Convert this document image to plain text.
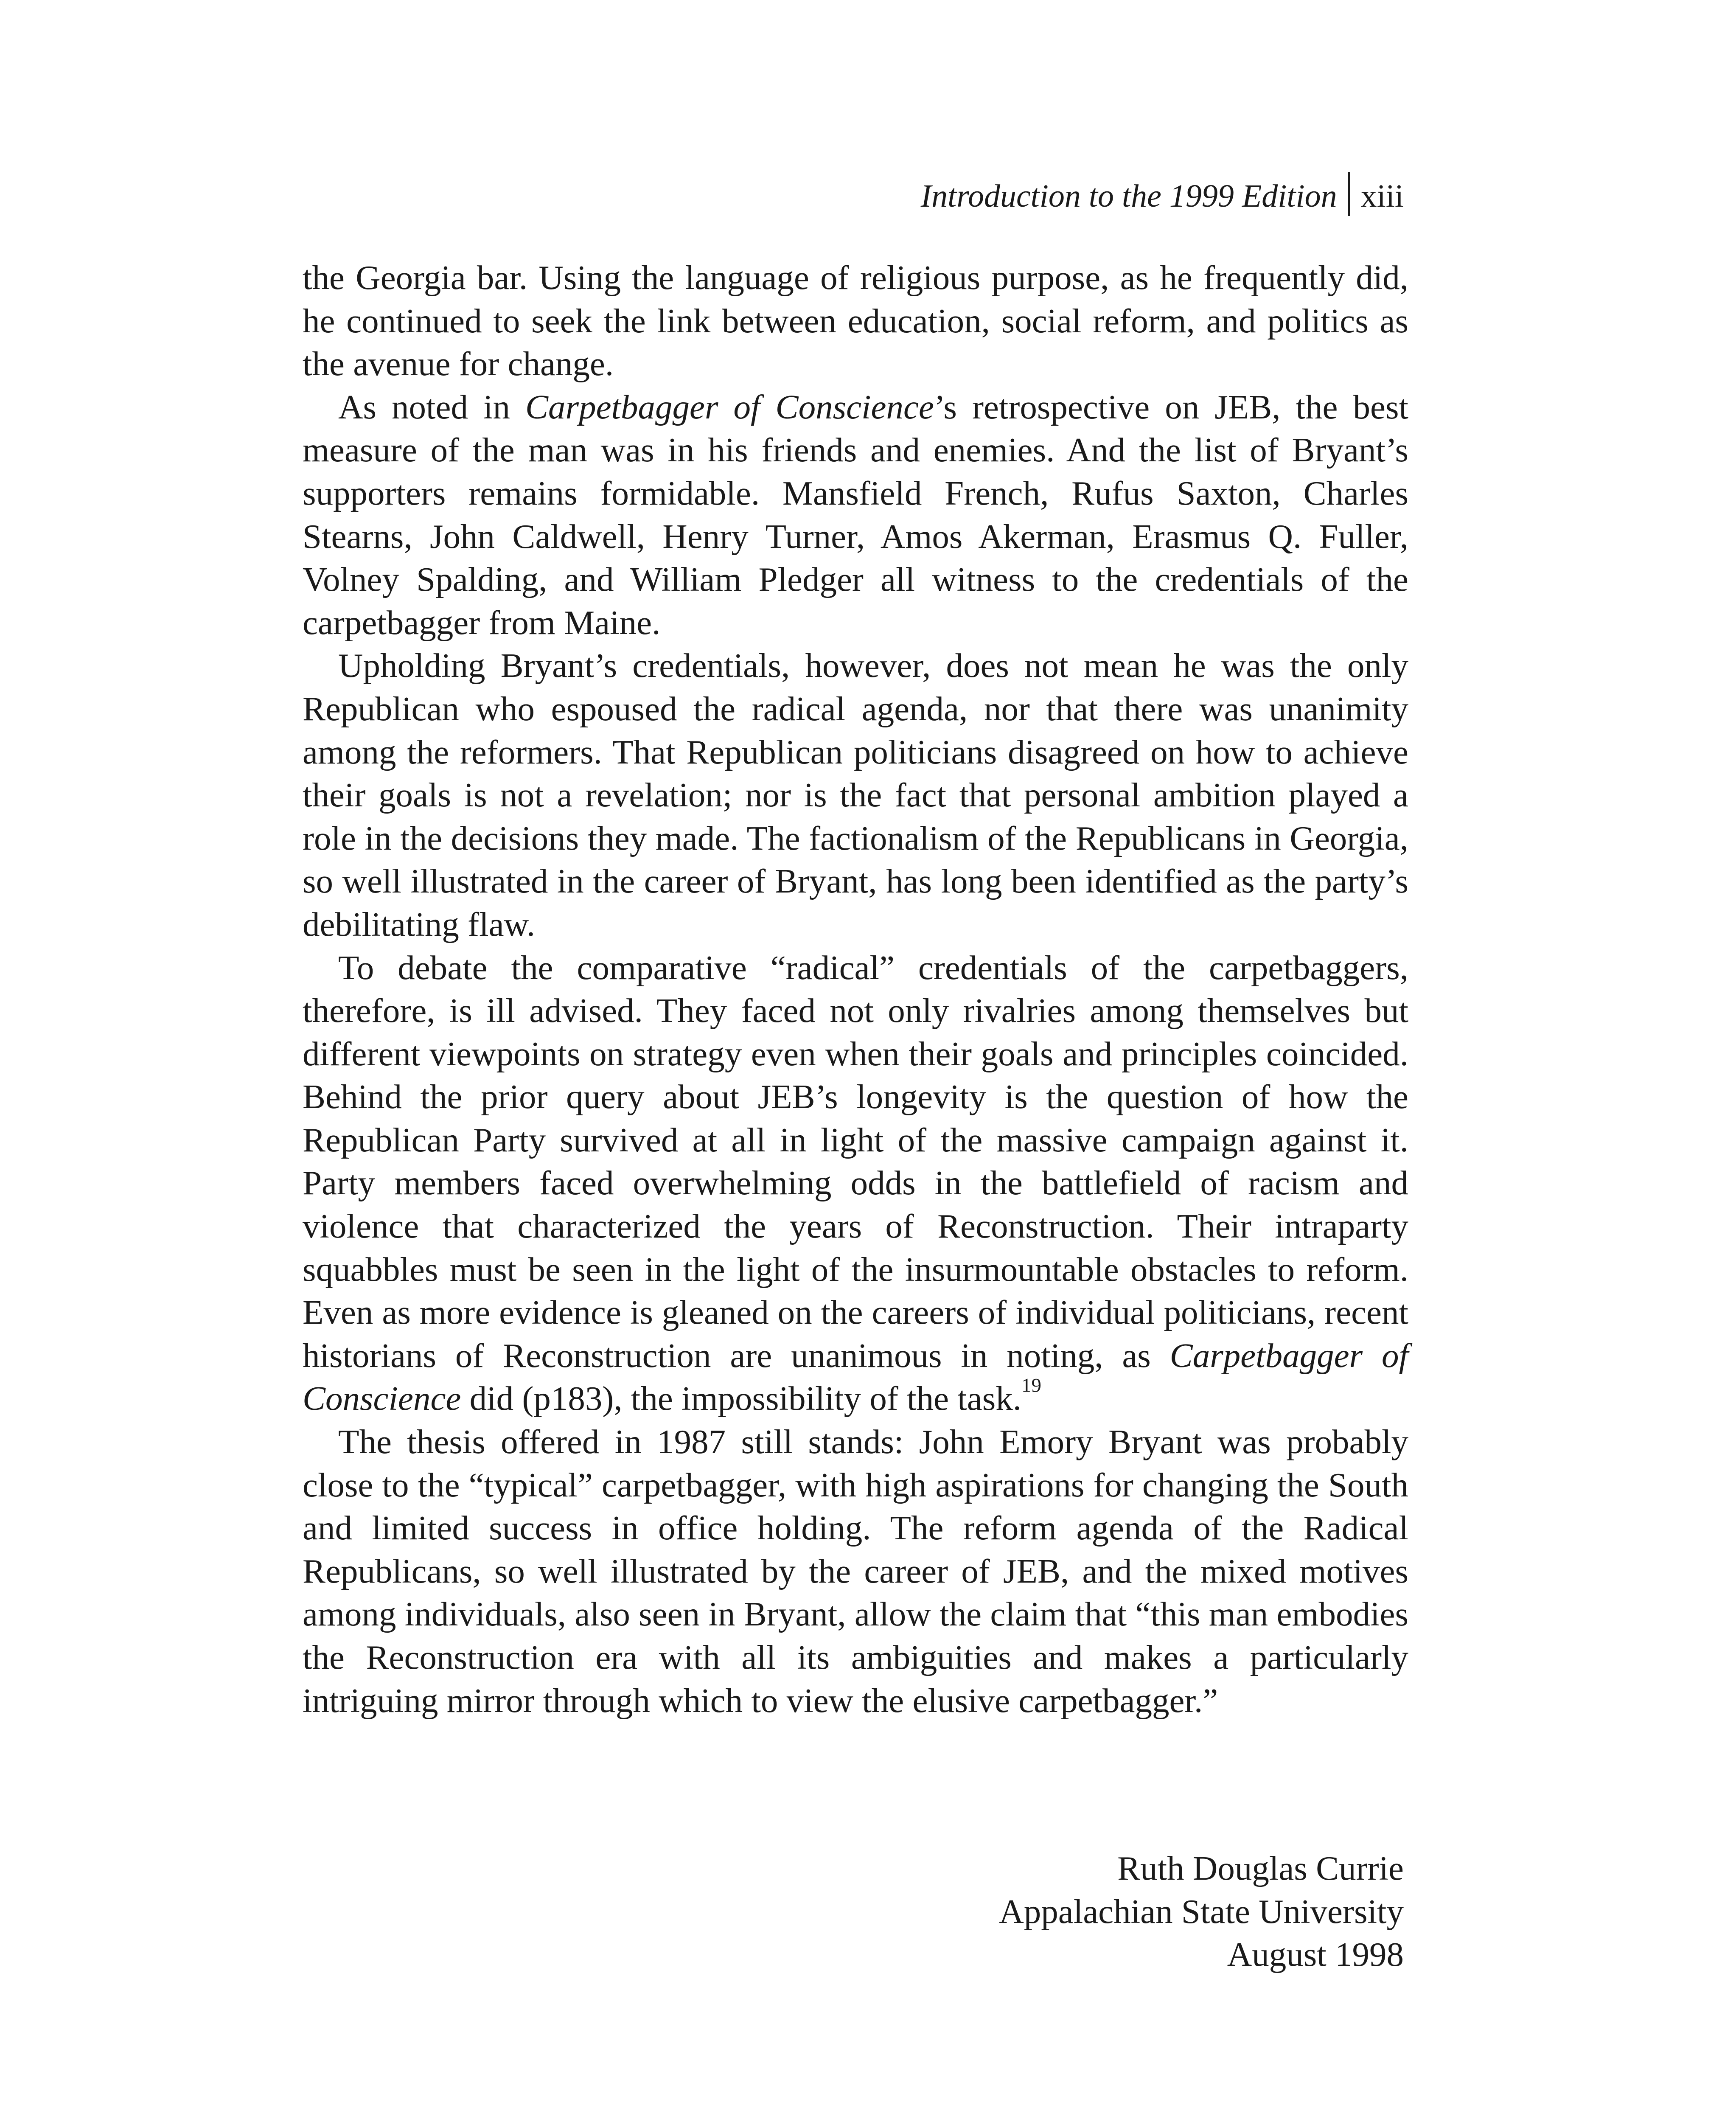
Introduction to the 1999 Edition xiii

the Georgia bar. Using the language of religious purpose, as he frequently did, he continued to seek the link between education, social reform, and politics as the avenue for change.

As noted in Carpetbagger of Conscience’s retrospective on JEB, the best measure of the man was in his friends and enemies. And the list of Bryant’s supporters remains formidable. Mansfield French, Rufus Saxton, Charles Stearns, John Caldwell, Henry Turner, Amos Akerman, Erasmus Q. Fuller, Volney Spalding, and William Pledger all witness to the credentials of the carpetbagger from Maine.

Upholding Bryant’s credentials, however, does not mean he was the only Republican who espoused the radical agenda, nor that there was unanimity among the reformers. That Republican politicians disagreed on how to achieve their goals is not a revelation; nor is the fact that personal ambition played a role in the decisions they made. The factionalism of the Republicans in Georgia, so well illustrated in the career of Bryant, has long been identified as the party’s debilitating flaw.

To debate the comparative “radical” credentials of the carpetbaggers, therefore, is ill advised. They faced not only rivalries among themselves but different viewpoints on strategy even when their goals and principles coincided. Behind the prior query about JEB’s longevity is the question of how the Republican Party survived at all in light of the massive campaign against it. Party members faced overwhelming odds in the battlefield of racism and violence that characterized the years of Reconstruction. Their intraparty squabbles must be seen in the light of the insurmountable obstacles to reform. Even as more evidence is gleaned on the careers of individual politicians, recent historians of Reconstruction are unanimous in noting, as Carpetbagger of Conscience did (p183), the impossibility of the task.$^{19}$

The thesis offered in 1987 still stands: John Emory Bryant was probably close to the “typical” carpetbagger, with high aspirations for changing the South and limited success in office holding. The reform agenda of the Radical Republicans, so well illustrated by the career of JEB, and the mixed motives among individuals, also seen in Bryant, allow the claim that “this man embodies the Reconstruction era with all its ambiguities and makes a particularly intriguing mirror through which to view the elusive carpetbagger.”

Ruth Douglas Currie
Appalachian State University
August 1998
